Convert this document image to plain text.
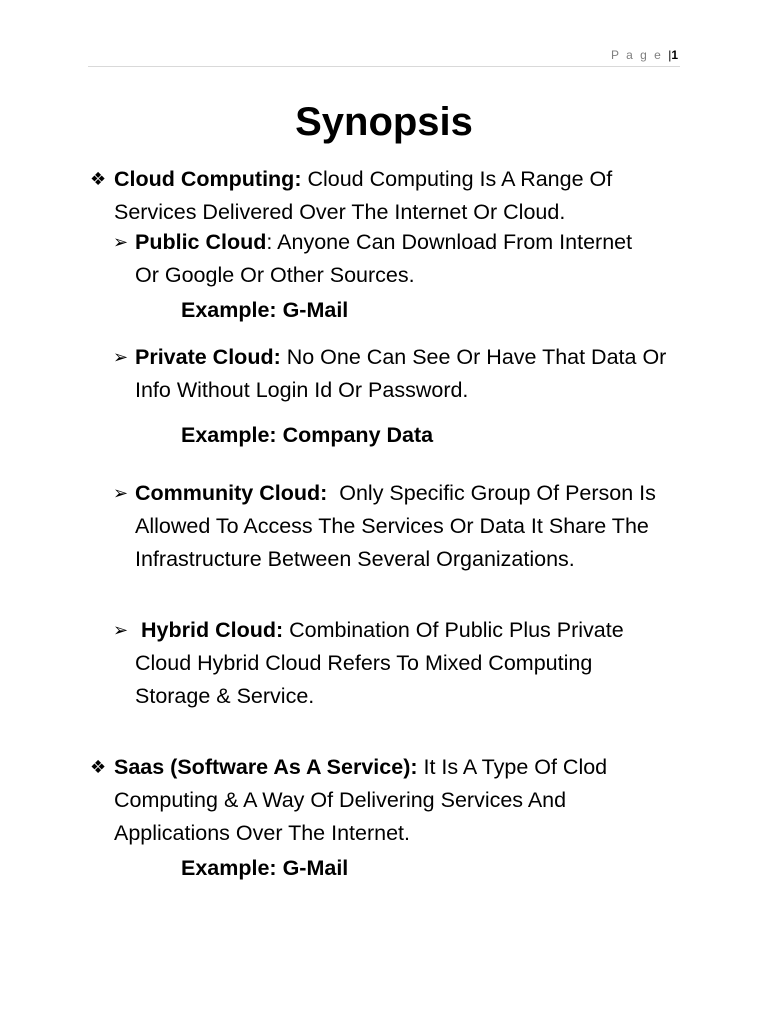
P a g e |1
Synopsis
❖ Cloud Computing: Cloud Computing Is A Range Of
Services Delivered Over The Internet Or Cloud.
➢ Public Cloud: Anyone Can Download From Internet
Or Google Or Other Sources.
Example: G-Mail
➢ Private Cloud: No One Can See Or Have That Data Or
Info Without Login Id Or Password.
Example: Company Data
➢ Community Cloud:  Only Specific Group Of Person Is
Allowed To Access The Services Or Data It Share The
Infrastructure Between Several Organizations.
➢ Hybrid Cloud: Combination Of Public Plus Private
Cloud Hybrid Cloud Refers To Mixed Computing
Storage & Service.
❖ Saas (Software As A Service): It Is A Type Of Clod
Computing & A Way Of Delivering Services And
Applications Over The Internet.
Example: G-Mail
